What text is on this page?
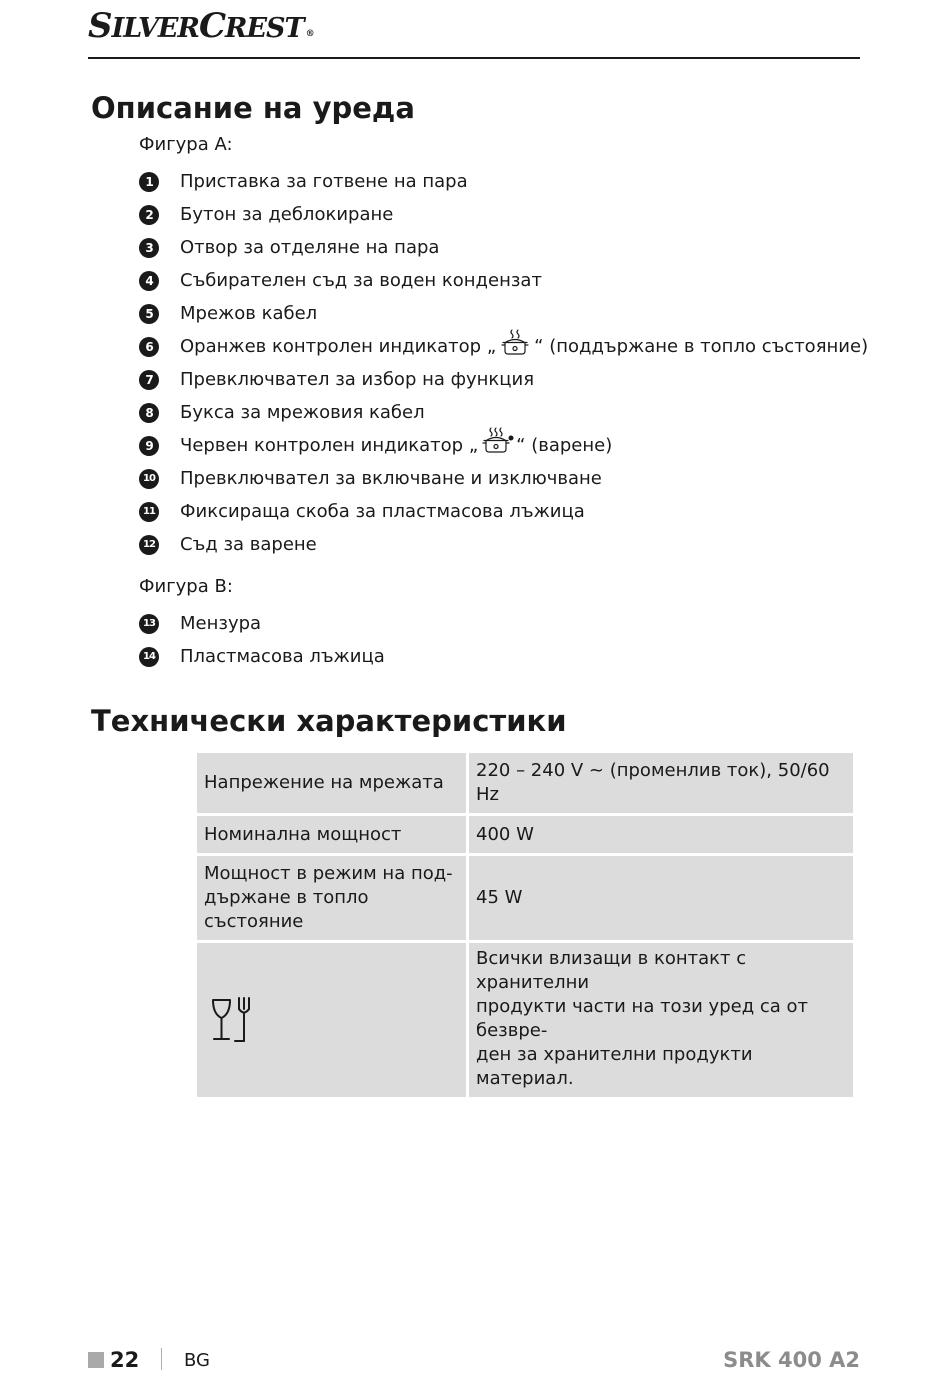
SILVERCREST ®
Описание на уреда
Фигура A:
1	Приставка за готвене на пара
2	Бутон за деблокиране
3	Отвор за отделяне на пара
4	Събирателен съд за воден кондензат
5	Мрежов кабел
6	Оранжев контролен индикатор „ “ (поддържане в топло състояние)
7	Превключвател за избор на функция
8	Букса за мрежовия кабел
9	Червен контролен индикатор „ “ (варене)
10 Превключвател за включване и изключване
11 Фиксираща скоба за пластмасова лъжица
12 Съд за варене
Фигура B:
13 Мензура
14 Пластмасова лъжица
Технически характеристики
Напрежение на мрежата	220 – 240 V ~ (променлив ток), 50/60 Hz
Номинална мощност	400 W

Мощност в режим на под-
държане в топло състояние	45 W

Всички влизащи в контакт с хранителни
продукти части на този уред са от безвре-
ден за хранителни продукти материал.
22 BG	SRK 400 A2
